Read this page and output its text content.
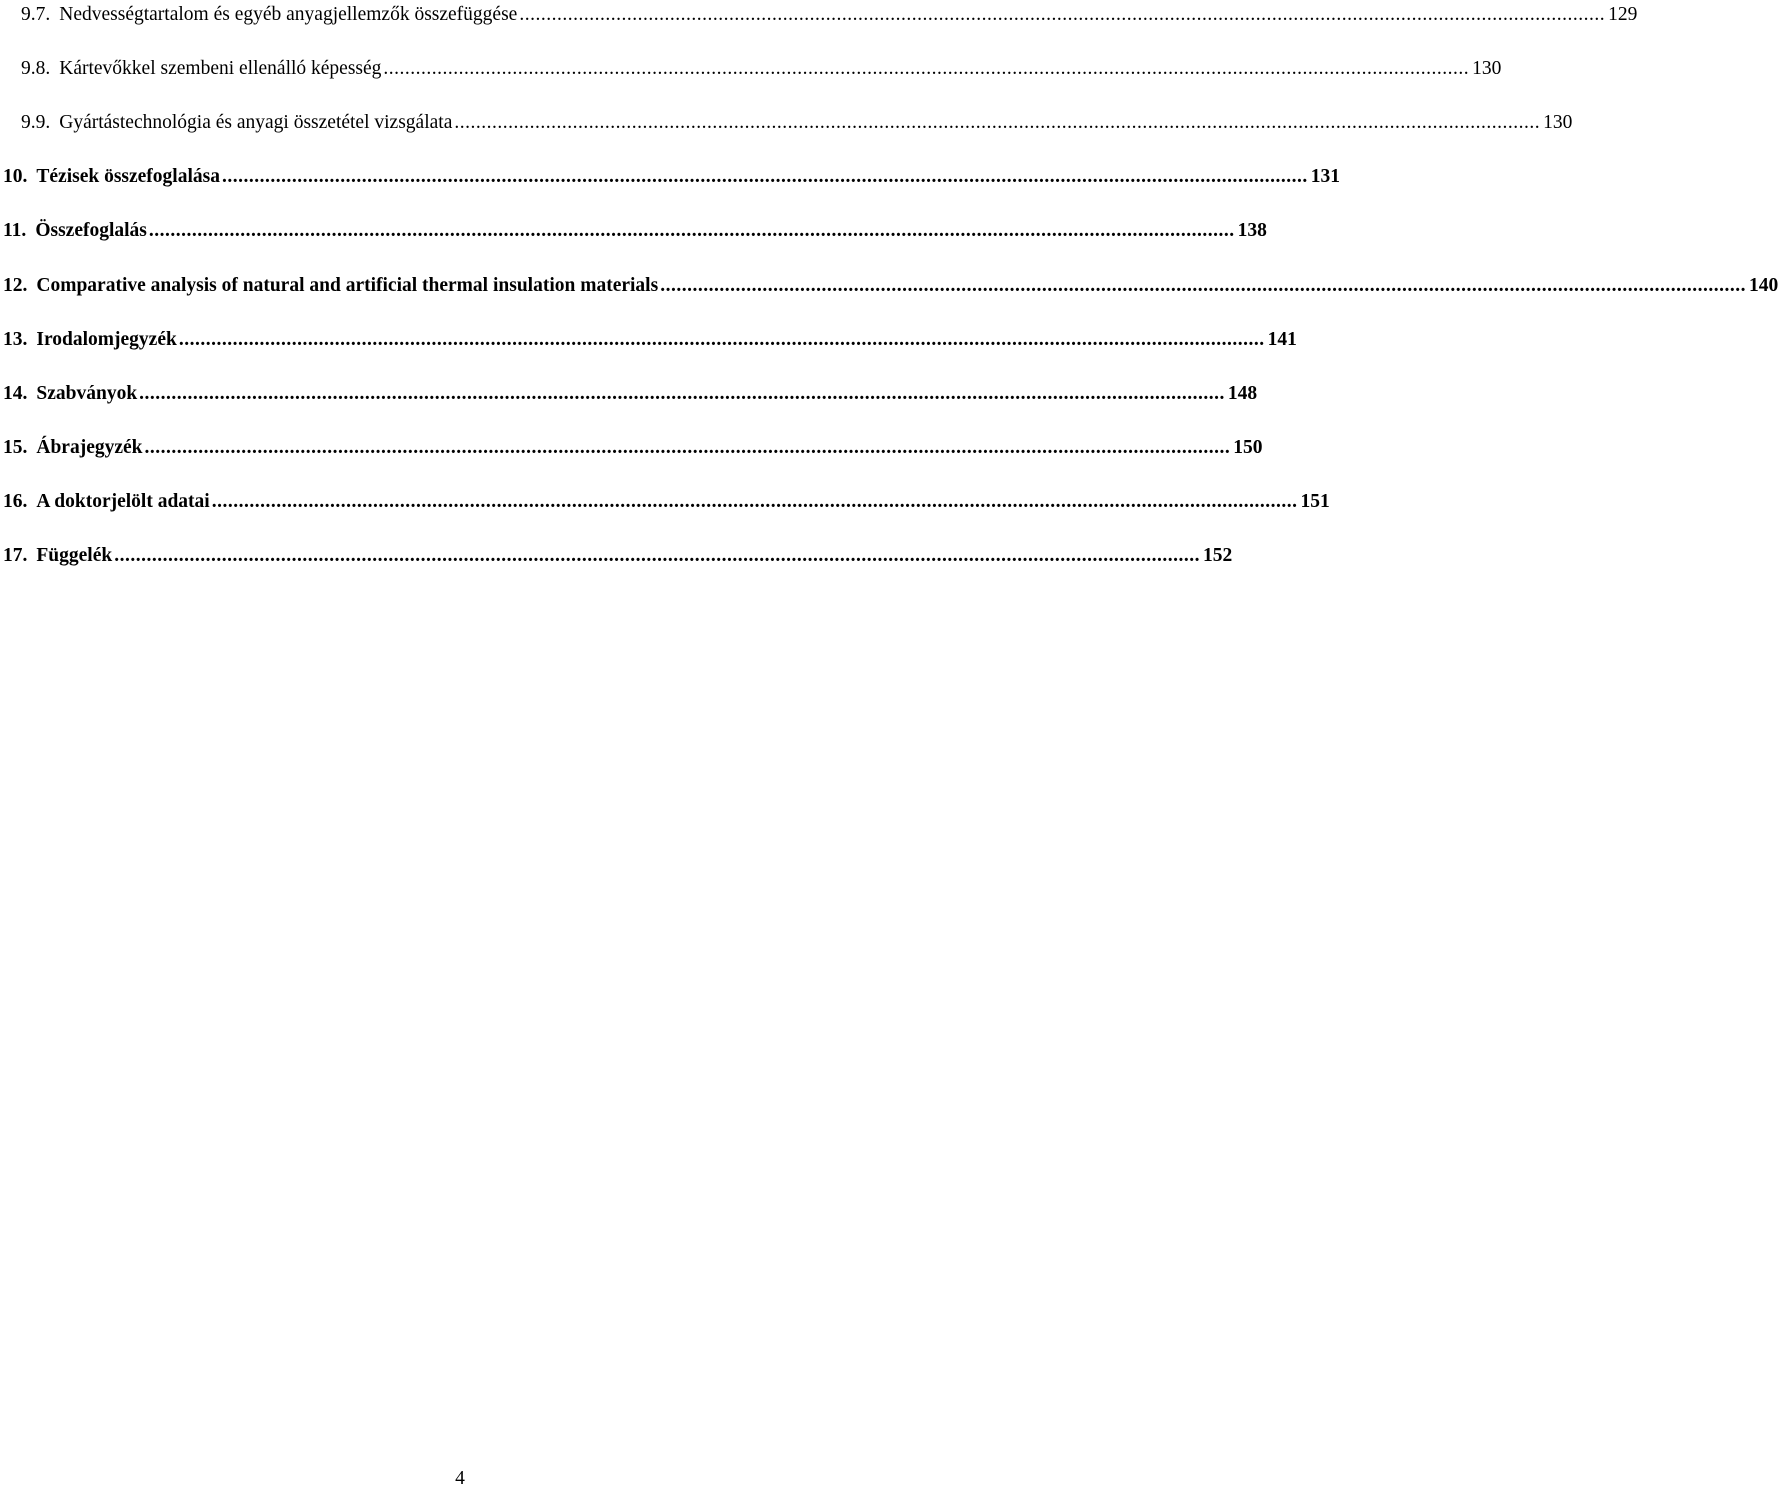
9.7. Nedvességtartalom és egyéb anyagjellemzők összefüggése .......................................................................................................................................................................................................... 129
9.8. Kártevőkkel szembeni ellenálló képesség .......................................................................................................................................................................................................... 130
9.9. Gyártástechnológia és anyagi összetétel vizsgálata .......................................................................................................................................................................................................... 130
10. Tézisek összefoglalása .......................................................................................................................................................................................................... 131
11. Összefoglalás .......................................................................................................................................................................................................... 138
12. Comparative analysis of natural and artificial thermal insulation materials .......................................................................................................................................................................................................... 140
13. Irodalomjegyzék .......................................................................................................................................................................................................... 141
14. Szabványok .......................................................................................................................................................................................................... 148
15. Ábrajegyzék .......................................................................................................................................................................................................... 150
16. A doktorjelölt adatai .......................................................................................................................................................................................................... 151
17. Függelék .......................................................................................................................................................................................................... 152
4
